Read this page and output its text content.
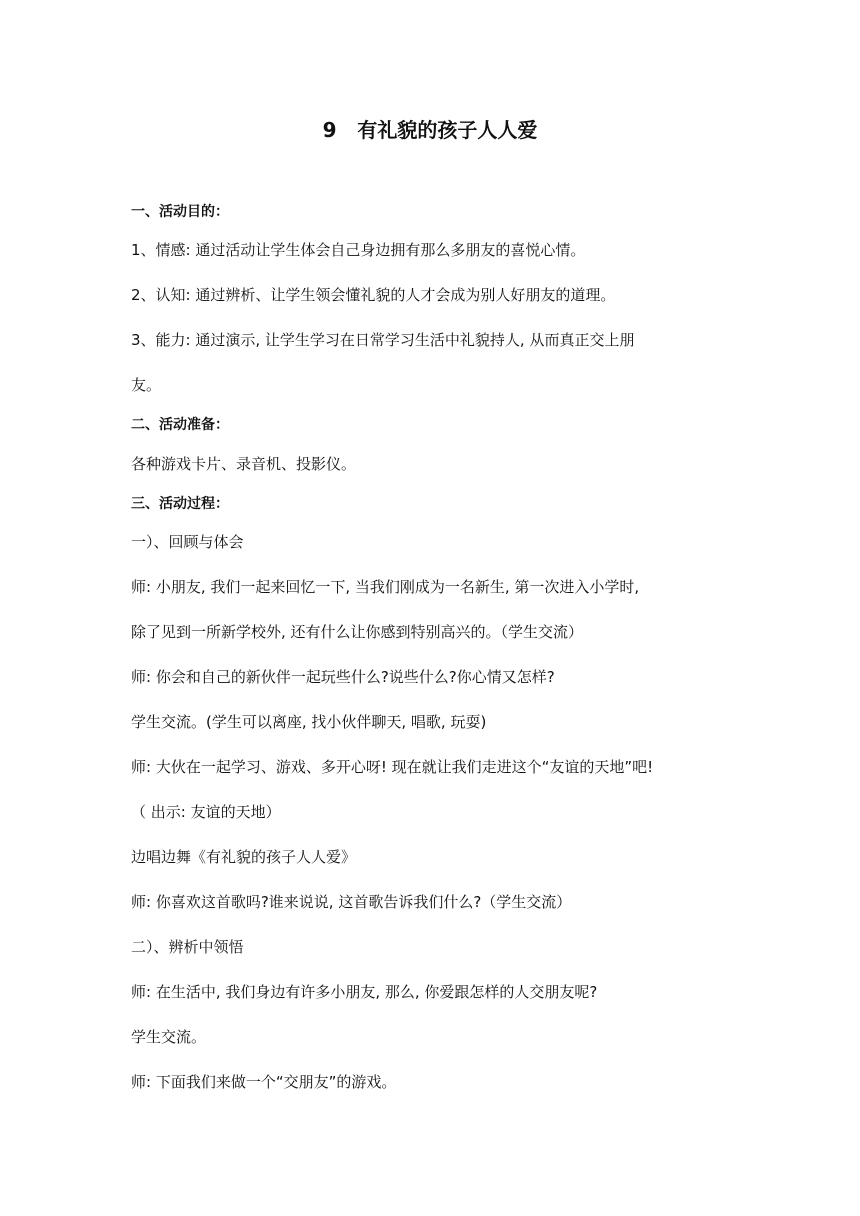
9   有礼貌的孩子人人爱
一、活动目的：
1、情感: 通过活动让学生体会自己身边拥有那么多朋友的喜悦心情。
2、认知: 通过辨析、让学生领会懂礼貌的人才会成为别人好朋友的道理。
3、能力: 通过演示, 让学生学习在日常学习生活中礼貌持人, 从而真正交上朋
友。
二、活动准备：
各种游戏卡片、录音机、投影仪。
三、活动过程：
一）、回顾与体会
师: 小朋友, 我们一起来回忆一下, 当我们刚成为一名新生, 第一次进入小学时,
除了见到一所新学校外, 还有什么让你感到特别高兴的。（学生交流）
师: 你会和自己的新伙伴一起玩些什么?说些什么?你心情又怎样?
学生交流。(学生可以离座, 找小伙伴聊天, 唱歌, 玩耍)
师: 大伙在一起学习、游戏、多开心呀! 现在就让我们走进这个“友谊的天地”吧!
（ 出示: 友谊的天地）
边唱边舞《有礼貌的孩子人人爱》
师: 你喜欢这首歌吗?谁来说说, 这首歌告诉我们什么?（学生交流）
二）、辨析中领悟
师: 在生活中, 我们身边有许多小朋友, 那么, 你爱跟怎样的人交朋友呢?
学生交流。
师: 下面我们来做一个“交朋友”的游戏。
